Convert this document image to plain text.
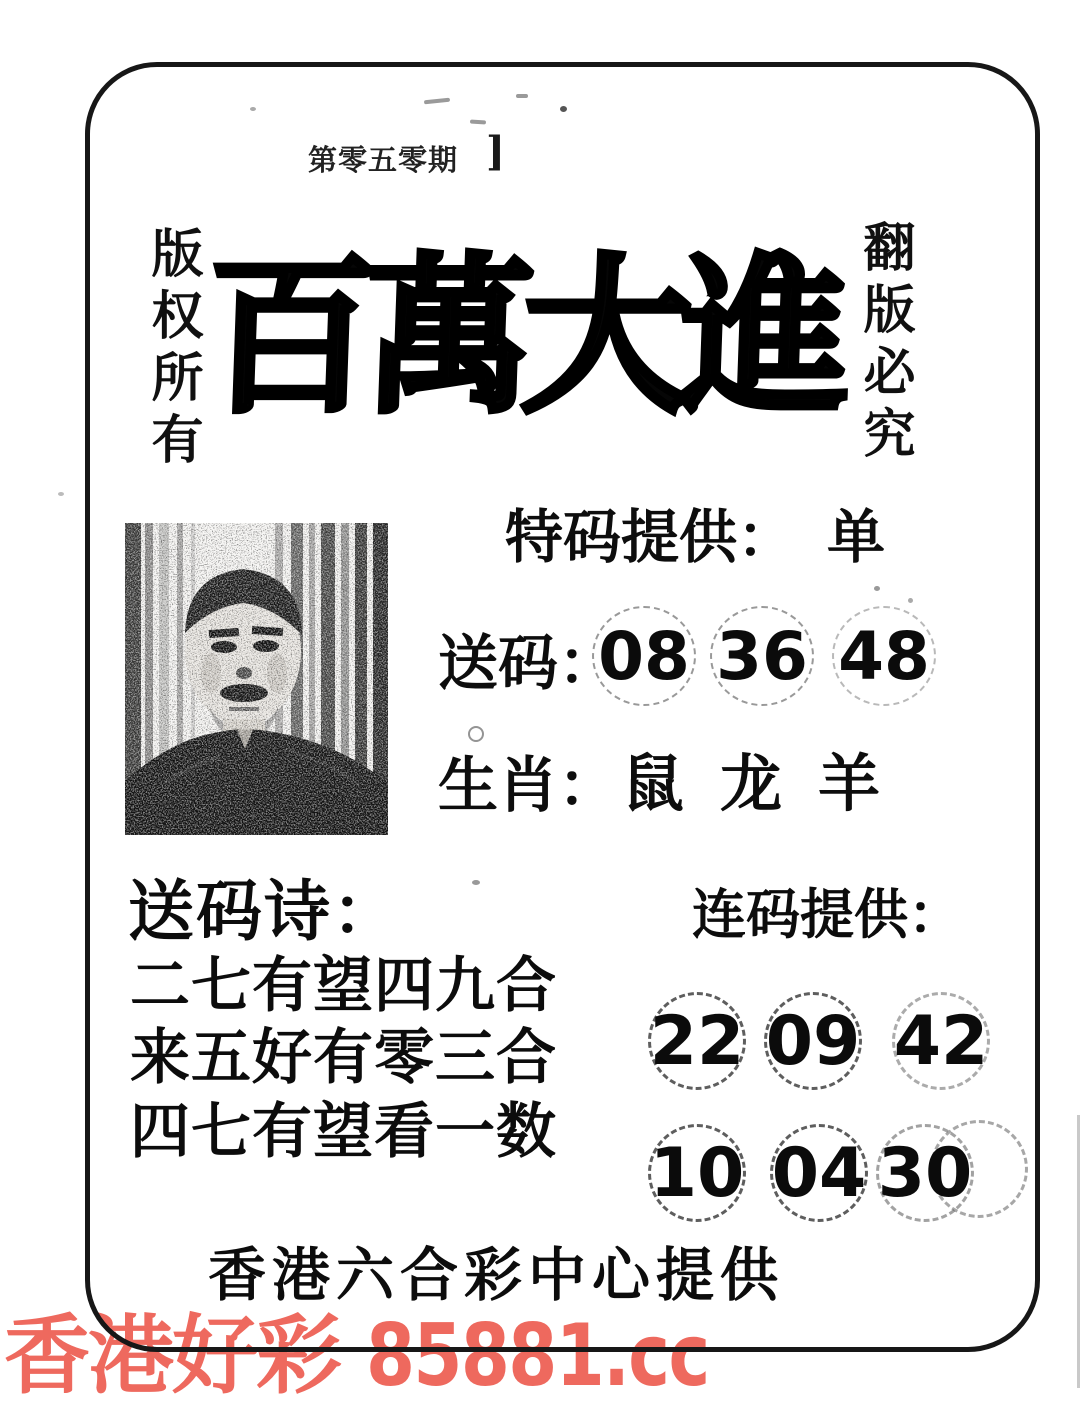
第零五零期 ]
版权所有	翻版必究
百萬大進
特码提供： 单
送码：
08 36 48
生肖： 鼠 龙 羊
送码诗：
二七有望四九合
来五好有零三合
四七有望看一数
连码提供：
22 09 42
10 04 30
香港六合彩中心提供
香港好彩 85881.cc
